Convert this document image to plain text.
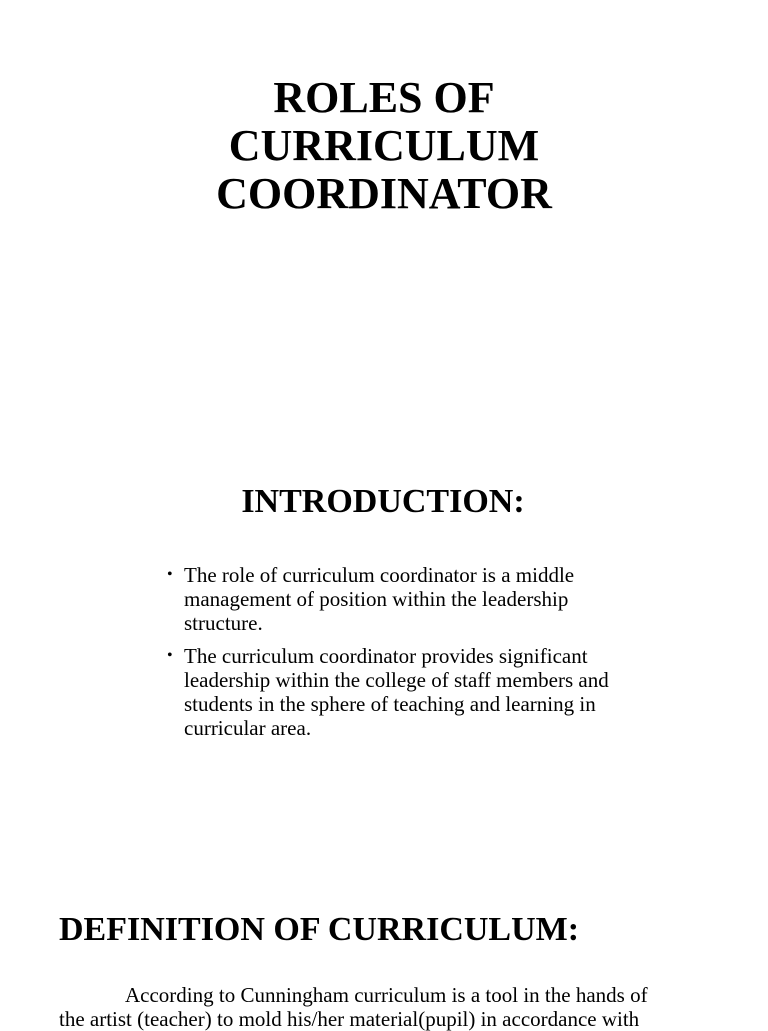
ROLES OF
CURRICULUM
COORDINATOR
INTRODUCTION:
• The role of curriculum coordinator is a middle management of position within the leadership structure.
• The curriculum coordinator provides significant leadership within the college of staff members and students in the sphere of teaching and learning in curricular area.
DEFINITION OF CURRICULUM:
According to Cunningham curriculum is a tool in the hands of
the artist (teacher) to mold his/her material(pupil) in accordance with
